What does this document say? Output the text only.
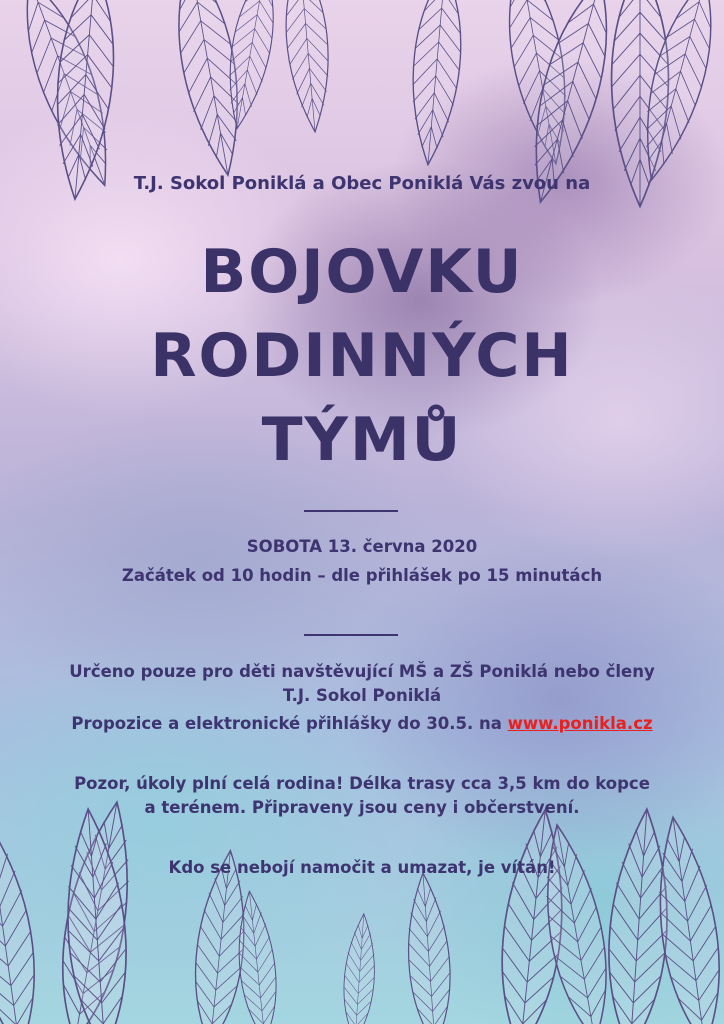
T.J. Sokol Poniklá a Obec Poniklá Vás zvou na
BOJOVKU
RODINNÝCH
TÝMŮ
SOBOTA 13. června 2020
Začátek od 10 hodin – dle přihlášek po 15 minutách
Určeno pouze pro děti navštěvující MŠ a ZŠ Poniklá nebo členy
T.J. Sokol Poniklá
Propozice a elektronické přihlášky do 30.5. na www.ponikla.cz
Pozor, úkoly plní celá rodina! Délka trasy cca 3,5 km do kopce
a terénem. Připraveny jsou ceny i občerstvení.
Kdo se nebojí namočit a umazat, je vítán!
